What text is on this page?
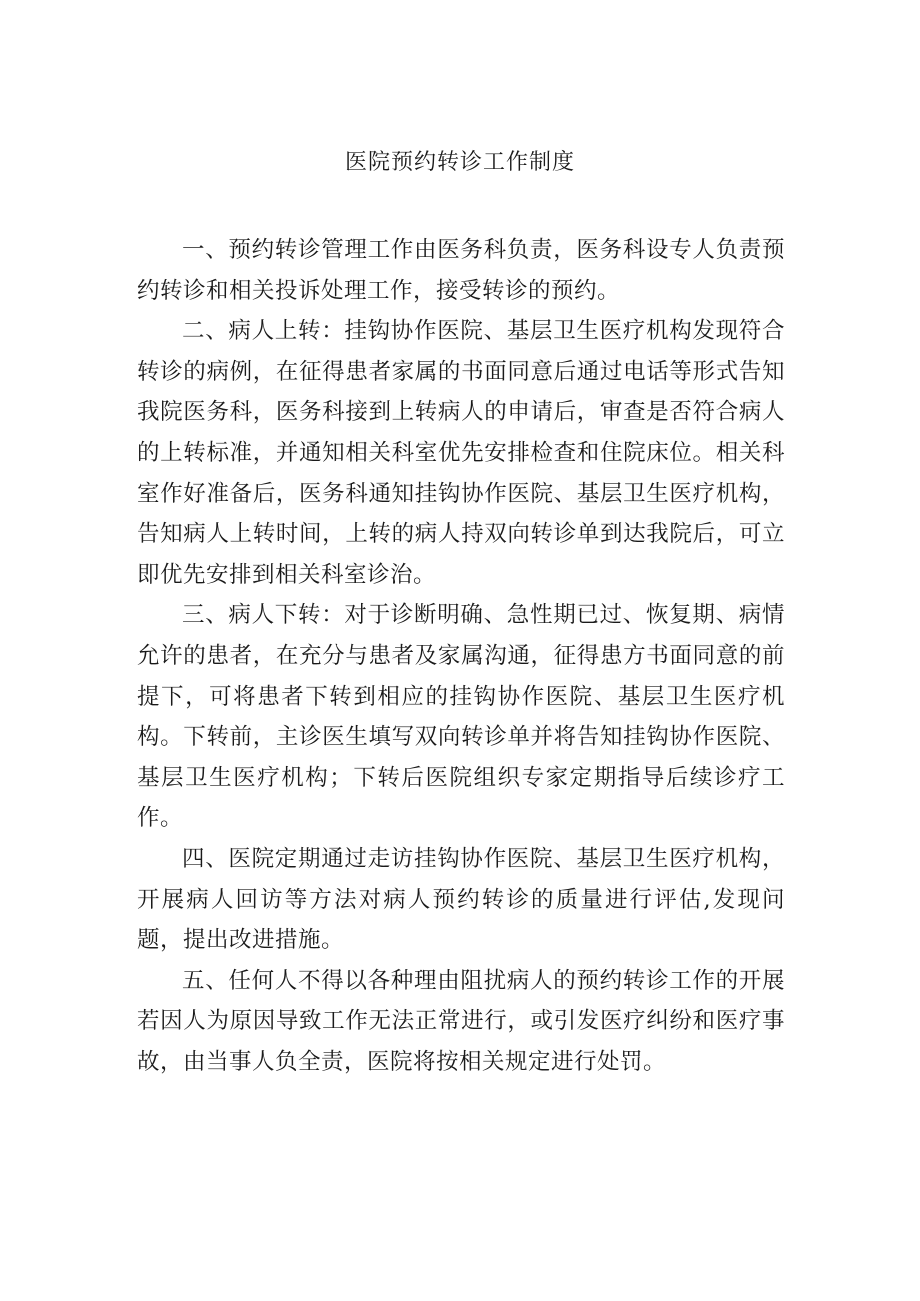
医院预约转诊工作制度

一、预约转诊管理工作由医务科负责，医务科设专人负责预约转诊和相关投诉处理工作，接受转诊的预约。

二、病人上转：挂钩协作医院、基层卫生医疗机构发现符合转诊的病例，在征得患者家属的书面同意后通过电话等形式告知我院医务科，医务科接到上转病人的申请后，审查是否符合病人的上转标准，并通知相关科室优先安排检查和住院床位。相关科室作好准备后，医务科通知挂钩协作医院、基层卫生医疗机构，告知病人上转时间，上转的病人持双向转诊单到达我院后，可立即优先安排到相关科室诊治。

三、病人下转：对于诊断明确、急性期已过、恢复期、病情允许的患者，在充分与患者及家属沟通，征得患方书面同意的前提下，可将患者下转到相应的挂钩协作医院、基层卫生医疗机构。下转前，主诊医生填写双向转诊单并将告知挂钩协作医院、基层卫生医疗机构；下转后医院组织专家定期指导后续诊疗工作。

四、医院定期通过走访挂钩协作医院、基层卫生医疗机构，开展病人回访等方法对病人预约转诊的质量进行评估,发现问题，提出改进措施。

五、任何人不得以各种理由阻扰病人的预约转诊工作的开展若因人为原因导致工作无法正常进行，或引发医疗纠纷和医疗事故，由当事人负全责，医院将按相关规定进行处罚。
